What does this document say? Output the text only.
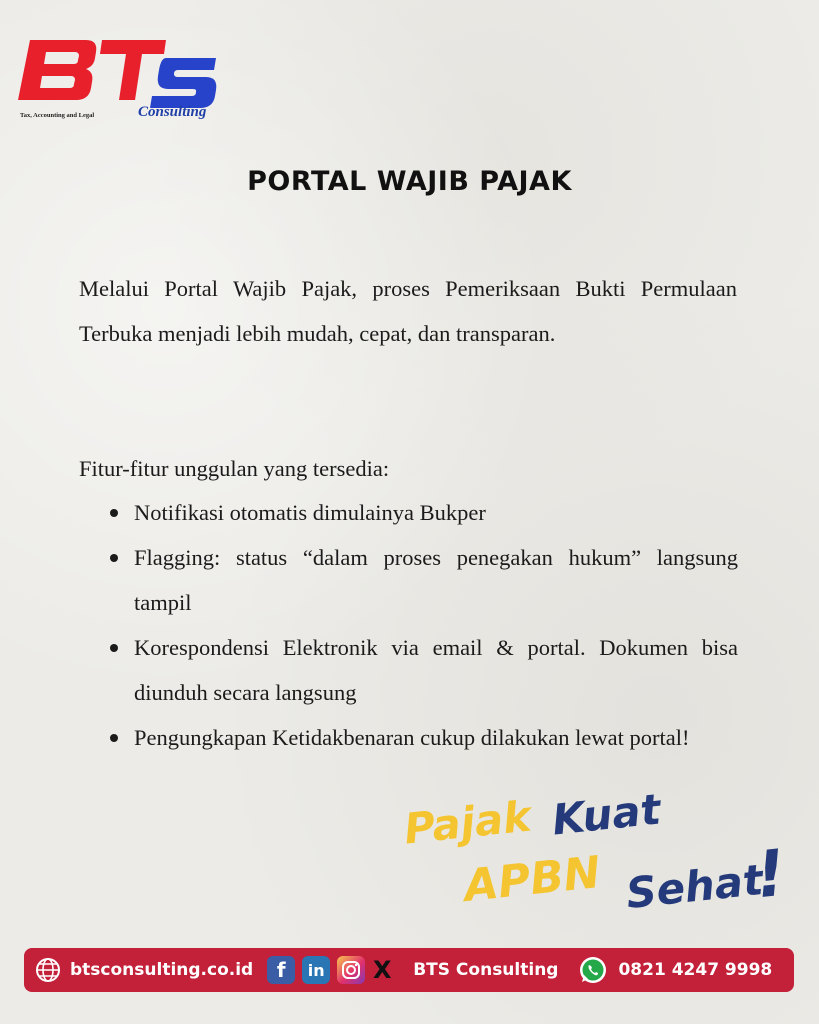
Tax, Accounting and Legal	Consulting
PORTAL WAJIB PAJAK

Melalui Portal Wajib Pajak, proses Pemeriksaan Bukti Permulaan Terbuka menjadi lebih mudah, cepat, dan transparan.

Fitur-fitur unggulan yang tersedia:

Notifikasi otomatis dimulainya Bukper
Flagging: status “dalam proses penegakan hukum” langsung tampil
Korespondensi Elektronik via email & portal. Dokumen bisa diunduh secara langsung
Pengungkapan Ketidakbenaran cukup dilakukan lewat portal!
Pajak Kuat
APBN Sehat
!
btsconsulting.co.id	f	in X BTS Consulting	0821 4247 9998
